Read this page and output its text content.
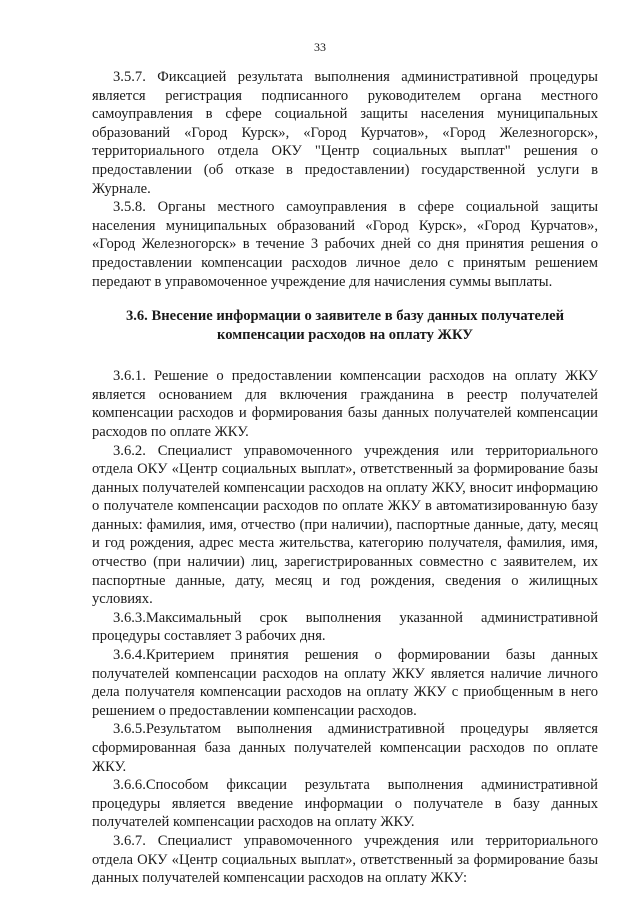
33

3.5.7. Фиксацией результата выполнения административной процедуры является регистрация подписанного руководителем органа местного самоуправления в сфере социальной защиты населения муниципальных образований «Город Курск», «Город Курчатов», «Город Железногорск», территориального отдела ОКУ "Центр социальных выплат" решения о предоставлении (об отказе в предоставлении) государственной услуги в Журнале.

3.5.8. Органы местного самоуправления в сфере социальной защиты населения муниципальных образований «Город Курск», «Город Курчатов», «Город Железногорск» в течение 3 рабочих дней со дня принятия решения о предоставлении компенсации расходов личное дело с принятым решением передают в управомоченное учреждение для начисления суммы выплаты.

3.6. Внесение информации о заявителе в базу данных получателей
компенсации расходов на оплату ЖКУ

3.6.1. Решение о предоставлении компенсации расходов на оплату ЖКУ является основанием для включения гражданина в реестр получателей компенсации расходов и формирования базы данных получателей компенсации расходов по оплате ЖКУ.

3.6.2. Специалист управомоченного учреждения или территориального отдела ОКУ «Центр социальных выплат», ответственный за формирование базы данных получателей компенсации расходов на оплату ЖКУ, вносит информацию о получателе компенсации расходов по оплате ЖКУ в автоматизированную базу данных: фамилия, имя, отчество (при наличии), паспортные данные, дату, месяц и год рождения, адрес места жительства, категорию получателя, фамилия, имя, отчество (при наличии) лиц, зарегистрированных совместно с заявителем, их паспортные данные, дату, месяц и год рождения, сведения о жилищных условиях.

3.6.3.Максимальный срок выполнения указанной административной процедуры составляет 3 рабочих дня.

3.6.4.Критерием принятия решения о формировании базы данных получателей компенсации расходов на оплату ЖКУ является наличие личного дела получателя компенсации расходов на оплату ЖКУ с приобщенным в него решением о предоставлении компенсации расходов.

3.6.5.Результатом выполнения административной процедуры является сформированная база данных получателей компенсации расходов по оплате ЖКУ.

3.6.6.Способом фиксации результата выполнения административной процедуры является введение информации о получателе в базу данных получателей компенсации расходов на оплату ЖКУ.

3.6.7. Специалист управомоченного учреждения или территориального отдела ОКУ «Центр социальных выплат», ответственный за формирование базы данных получателей компенсации расходов на оплату ЖКУ:
